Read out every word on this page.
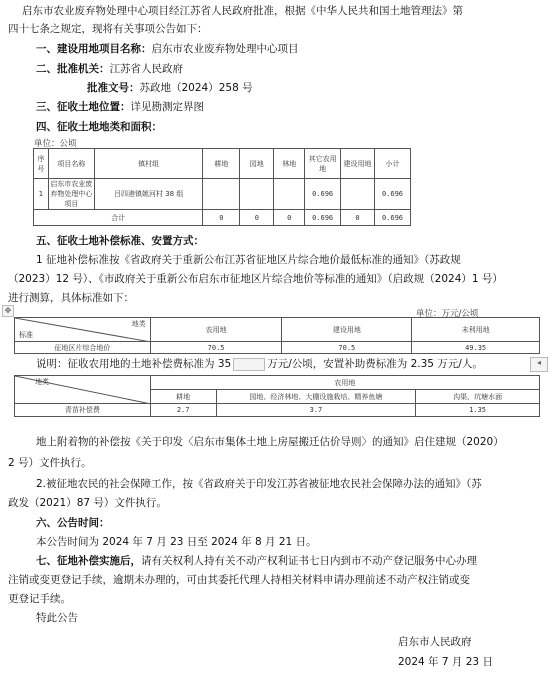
启东市农业废弃物处理中心项目经江苏省人民政府批准，根据《中华人民共和国土地管理法》第
四十七条之规定，现将有关事项公告如下：
一、建设用地项目名称：启东市农业废弃物处理中心项目
二、批准机关：江苏省人民政府
批准文号：苏政地（2024）258 号
三、征收土地位置：详见勘测定界图
四、征收土地地类和面积：
单位：公顷
序号	项目名称	镇村组	耕地	园地	林地	其它农用地	建设用地	小计
1	启东市农业废弃物处理中心项目	吕四港镇姚河村 38 组				0.696		0.696
合计			0	0	0	0.696	0	0.696
五、征收土地补偿标准、安置方式：
1 征地补偿标准按《省政府关于重新公布江苏省征地区片综合地价最低标准的通知》（苏政规
（2023）12 号）、《市政府关于重新公布启东市征地区片综合地价等标准的通知》（启政规（2024）1 号）
进行测算，具体标准如下：
单位：万元/公顷
✥
地类
标准	农用地	建设用地	未利用地
征地区片综合地价	70.5	70.5	49.35
说明：征收农用地的土地补偿费标准为 35	万元/公顷，安置补助费标准为 2.35 万元/人。	◂
地类	农用地		
	耕地	园地、经济林地、大棚设施栽培、精养鱼塘	沟渠、坑塘水面
青苗补偿费	2.7	3.7	1.35
地上附着物的补偿按《关于印发〈启东市集体土地上房屋搬迁估价导则〉的通知》启住建规（2020）
2 号）文件执行。
2.被征地农民的社会保障工作，按《省政府关于印发江苏省被征地农民社会保障办法的通知》（苏
政发（2021）87 号）文件执行。
六、公告时间：
本公告时间为 2024 年 7 月 23 日至 2024 年 8 月 21 日。
七、征地补偿实施后，请有关权利人持有关不动产权利证书七日内到市不动产登记服务中心办理
注销或变更登记手续，逾期未办理的，可由其委托代理人持相关材料申请办理前述不动产权注销或变
更登记手续。
特此公告
启东市人民政府
2024 年 7 月 23 日
